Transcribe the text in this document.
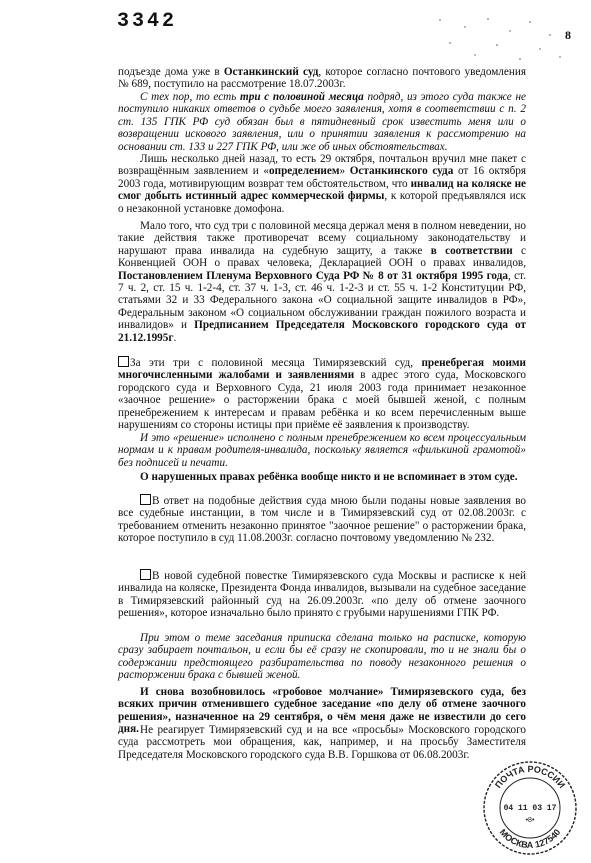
3342
8
подъезде дома уже в Останкинский суд, которое согласно почтового уведомления № 689, поступило на рассмотрение 18.07.2003г.
С тех пор, то есть три с половиной месяца подряд, из этого суда также не поступило никаких ответов о судьбе моего заявления, хотя в соответствии с п. 2 ст. 135 ГПК РФ суд обязан был в пятидневный срок известить меня или о возвращении искового заявления, или о принятии заявления к рассмотрению на основании ст. 133 и 227 ГПК РФ, или же об иных обстоятельствах.
Лишь несколько дней назад, то есть 29 октября, почтальон вручил мне пакет с возвращённым заявлением и «определением» Останкинского суда от 16 октября 2003 года, мотивирующим возврат тем обстоятельством, что инвалид на коляске не смог добыть истинный адрес коммерческой фирмы, к которой предъявлялся иск о незаконной установке домофона.
Мало того, что суд три с половиной месяца держал меня в полном неведении, но такие действия также противоречат всему социальному законодательству и нарушают права инвалида на судебную защиту, а также в соответствии с Конвенцией ООН о правах человека, Декларацией ООН о правах инвалидов, Постановлением Пленума Верховного Суда РФ № 8 от 31 октября 1995 года, ст. 7 ч. 2, ст. 15 ч. 1-2-4, ст. 37 ч. 1-3, ст. 46 ч. 1-2-3 и ст. 55 ч. 1-2 Конституции РФ, статьями 32 и 33 Федерального закона «О социальной защите инвалидов в РФ», Федеральным законом «О социальном обслуживании граждан пожилого возраста и инвалидов» и Предписанием Председателя Московского городского суда от 21.12.1995г.
За эти три с половиной месяца Тимирязевский суд, пренебрегая моими многочисленными жалобами и заявлениями в адрес этого суда, Московского городского суда и Верховного Суда, 21 июля 2003 года принимает незаконное «заочное решение» о расторжении брака с моей бывшей женой, с полным пренебрежением к интересам и правам ребёнка и ко всем перечисленным выше нарушениям со стороны истицы при приёме её заявления к производству.
И это «решение» исполнено с полным пренебрежением ко всем процессуальным нормам и к правам родителя-инвалида, поскольку является «филькиной грамотой» без подписей и печати.
О нарушенных правах ребёнка вообще никто и не вспоминает в этом суде.
В ответ на подобные действия суда мною были поданы новые заявления во все судебные инстанции, в том числе и в Тимирязевский суд от 02.08.2003г. с требованием отменить незаконно принятое "заочное решение" о расторжении брака, которое поступило в суд 11.08.2003г. согласно почтовому уведомлению № 232.
В новой судебной повестке Тимирязевского суда Москвы и расписке к ней инвалида на коляске, Президента Фонда инвалидов, вызывали на судебное заседание в Тимирязевский районный суд на 26.09.2003г. «по делу об отмене заочного решения», которое изначально было принято с грубыми нарушениями ГПК РФ.
При этом о теме заседания приписка сделана только на расписке, которую сразу забирает почтальон, и если бы её сразу не скопировали, то и не знали бы о содержании предстоящего разбирательства по поводу незаконного решения о расторжении брака с бывшей женой.
И снова возобновилось «гробовое молчание» Тимирязевского суда, без всяких причин отменившего судебное заседание «по делу об отмене заочного решения», назначенное на 29 сентября, о чём меня даже не известили до сего дня. Не реагирует Тимирязевский суд и на все «просьбы» Московского городского суда рассмотреть мои обращения, как, например, и на просьбу Заместителя Председателя Московского городского суда В.В. Горшкова от 06.08.2003г.
ПОЧТА РОССИИ
МОСКВА 127540
04 11 03 17
•8•
